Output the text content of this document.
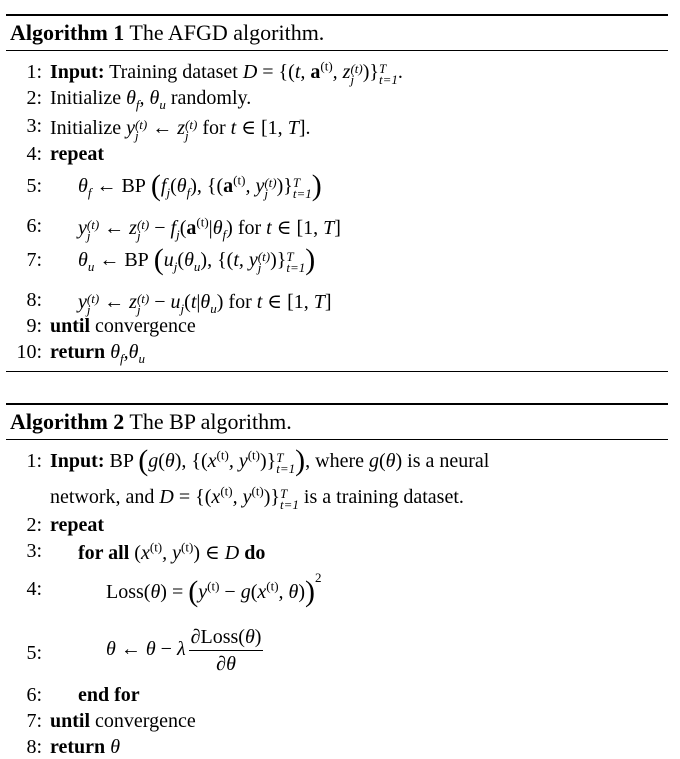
Algorithm 1 The AFGD algorithm.
1: Input: Training dataset D = {(t, $a^{(t)}$, z (t)
j )} T
t=1 .
2: Initialize $\theta_f$, $\theta_u$ randomly.
3: Initialize y (t)
j ← z (t)
j for t ∈ [1, T].
4: repeat
5: $\theta_f$ ← BP ($f_j(\theta_f)$, {($a^{(t)}$, y (t)
j )} T
t=1 )
6: y (t)
j ← z (t)
$j - f_j(a^{(t)}|\theta_f)$ for t ∈ [1, T]
7: $\theta_u$ ← BP ($u_j(\theta_u)$, {(t, y (t)
j )} T
t=1 )
8: y (t)
j ← z (t)
$j - u_j(t|\theta_u)$ for t ∈ [1, T]
9: until convergence
10: return $\theta_f,\theta_u$
Algorithm 2 The BP algorithm.
1: Input: BP (g(θ), {($x^{(t)}$, $y^{(t)}$)} T
t=1 ), where g(θ) is a neural
network, and $D = \{(x^{(t)}$, $y^{(t)}$)} T
t=1 is a training dataset.
2: repeat
3: for all ($x^{(t)}$, $y^{(t)}$) ∈ D do
4:	Loss(θ) = ($y^{(t)} - g(x^{(t)}$, θ))$^2$
5:	θ ← θ − λ $\frac{\text{∂Loss(θ)}}{\partial\theta}$
6: end for
7: until convergence
8: return θ
